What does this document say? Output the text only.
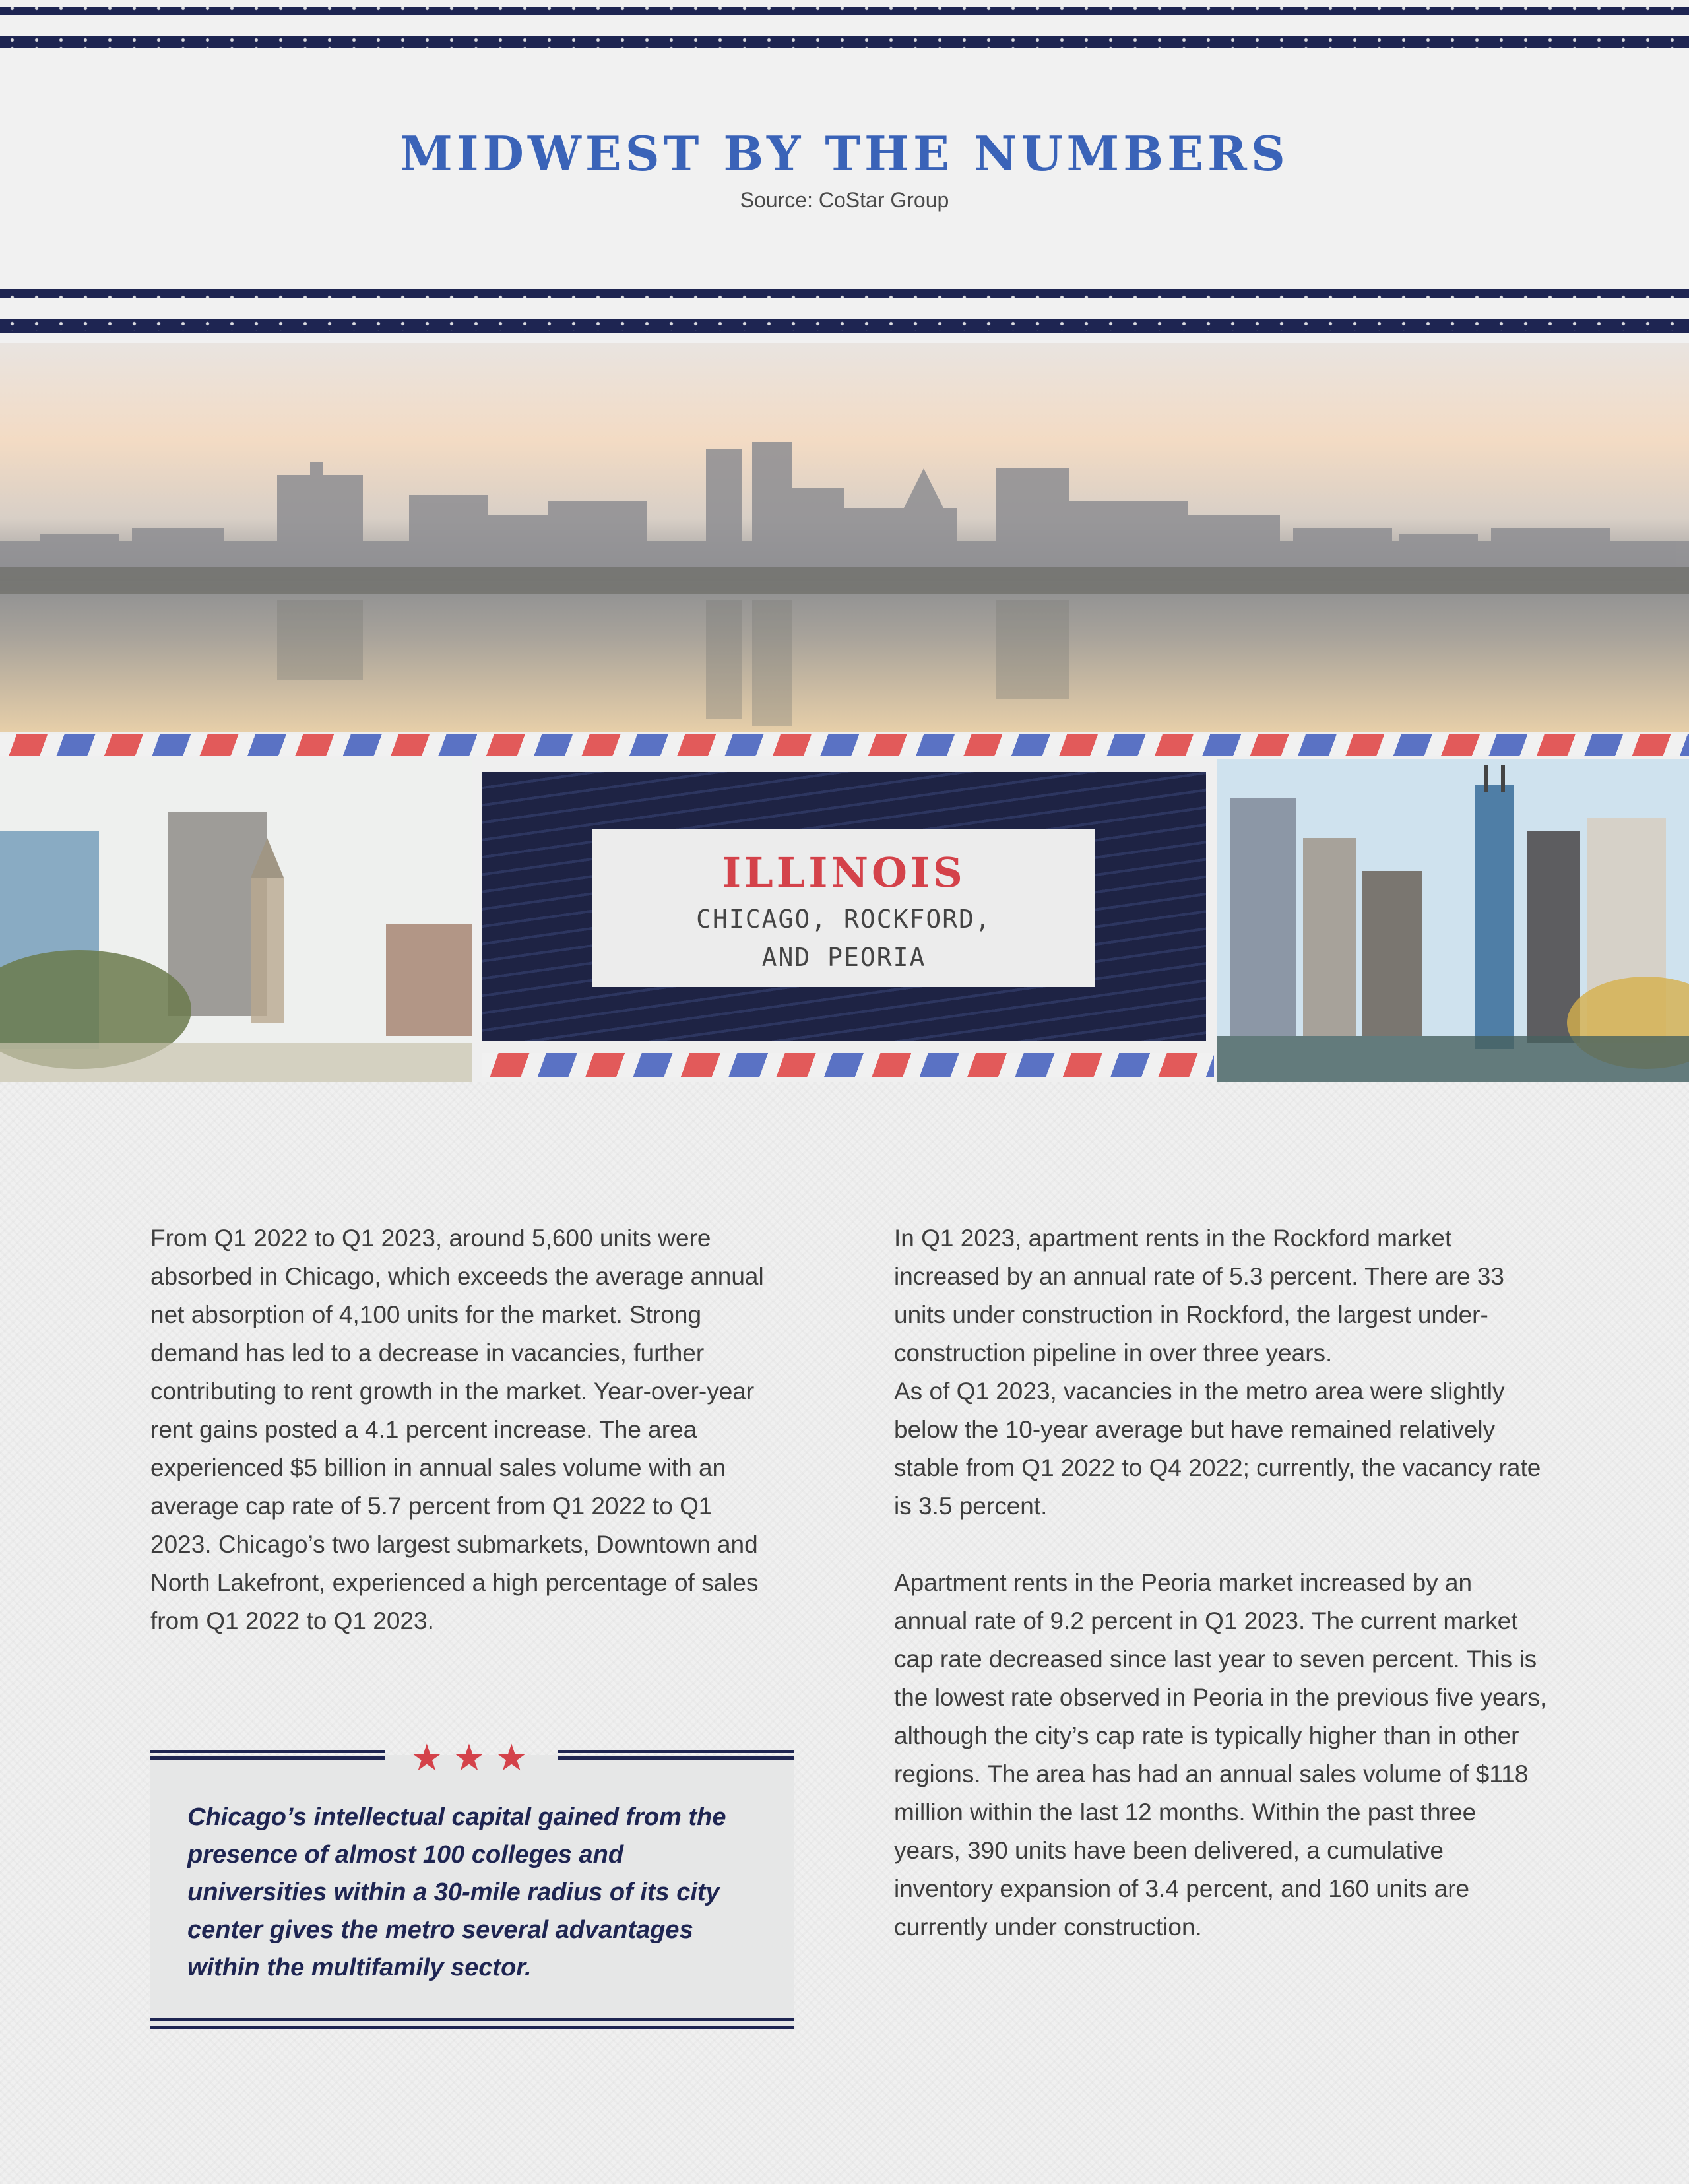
MIDWEST BY THE NUMBERS
Source: CoStar Group
ILLINOIS
CHICAGO, ROCKFORD,
AND PEORIA

From Q1 2022 to Q1 2023, around 5,600 units were absorbed in Chicago, which exceeds the average annual net absorption of 4,100 units for the market. Strong demand has led to a decrease in vacancies, further contributing to rent growth in the market. Year-over-year rent gains posted a 4.1 percent increase. The area experienced $5 billion in annual sales volume with an average cap rate of 5.7 percent from Q1 2022 to Q1 2023. Chicago’s two largest submarkets, Downtown and North Lakefront, experienced a high percentage of sales from Q1 2022 to Q1 2023.

In Q1 2023, apartment rents in the Rockford market increased by an annual rate of 5.3 percent. There are 33 units under construction in Rockford, the largest under-construction pipeline in over three years.

As of Q1 2023, vacancies in the metro area were slightly below the 10-year average but have remained relatively stable from Q1 2022 to Q4 2022; currently, the vacancy rate is 3.5 percent.

Apartment rents in the Peoria market increased by an annual rate of 9.2 percent in Q1 2023. The current market cap rate decreased since last year to seven percent. This is the lowest rate observed in Peoria in the previous five years, although the city’s cap rate is typically higher than in other regions. The area has had an annual sales volume of $118 million within the last 12 months. Within the past three years, 390 units have been delivered, a cumulative inventory expansion of 3.4 percent, and 160 units are currently under construction.

★★★
Chicago’s intellectual capital gained from the presence of almost 100 colleges and universities within a 30-mile radius of its city center gives the metro several advantages within the multifamily sector.
